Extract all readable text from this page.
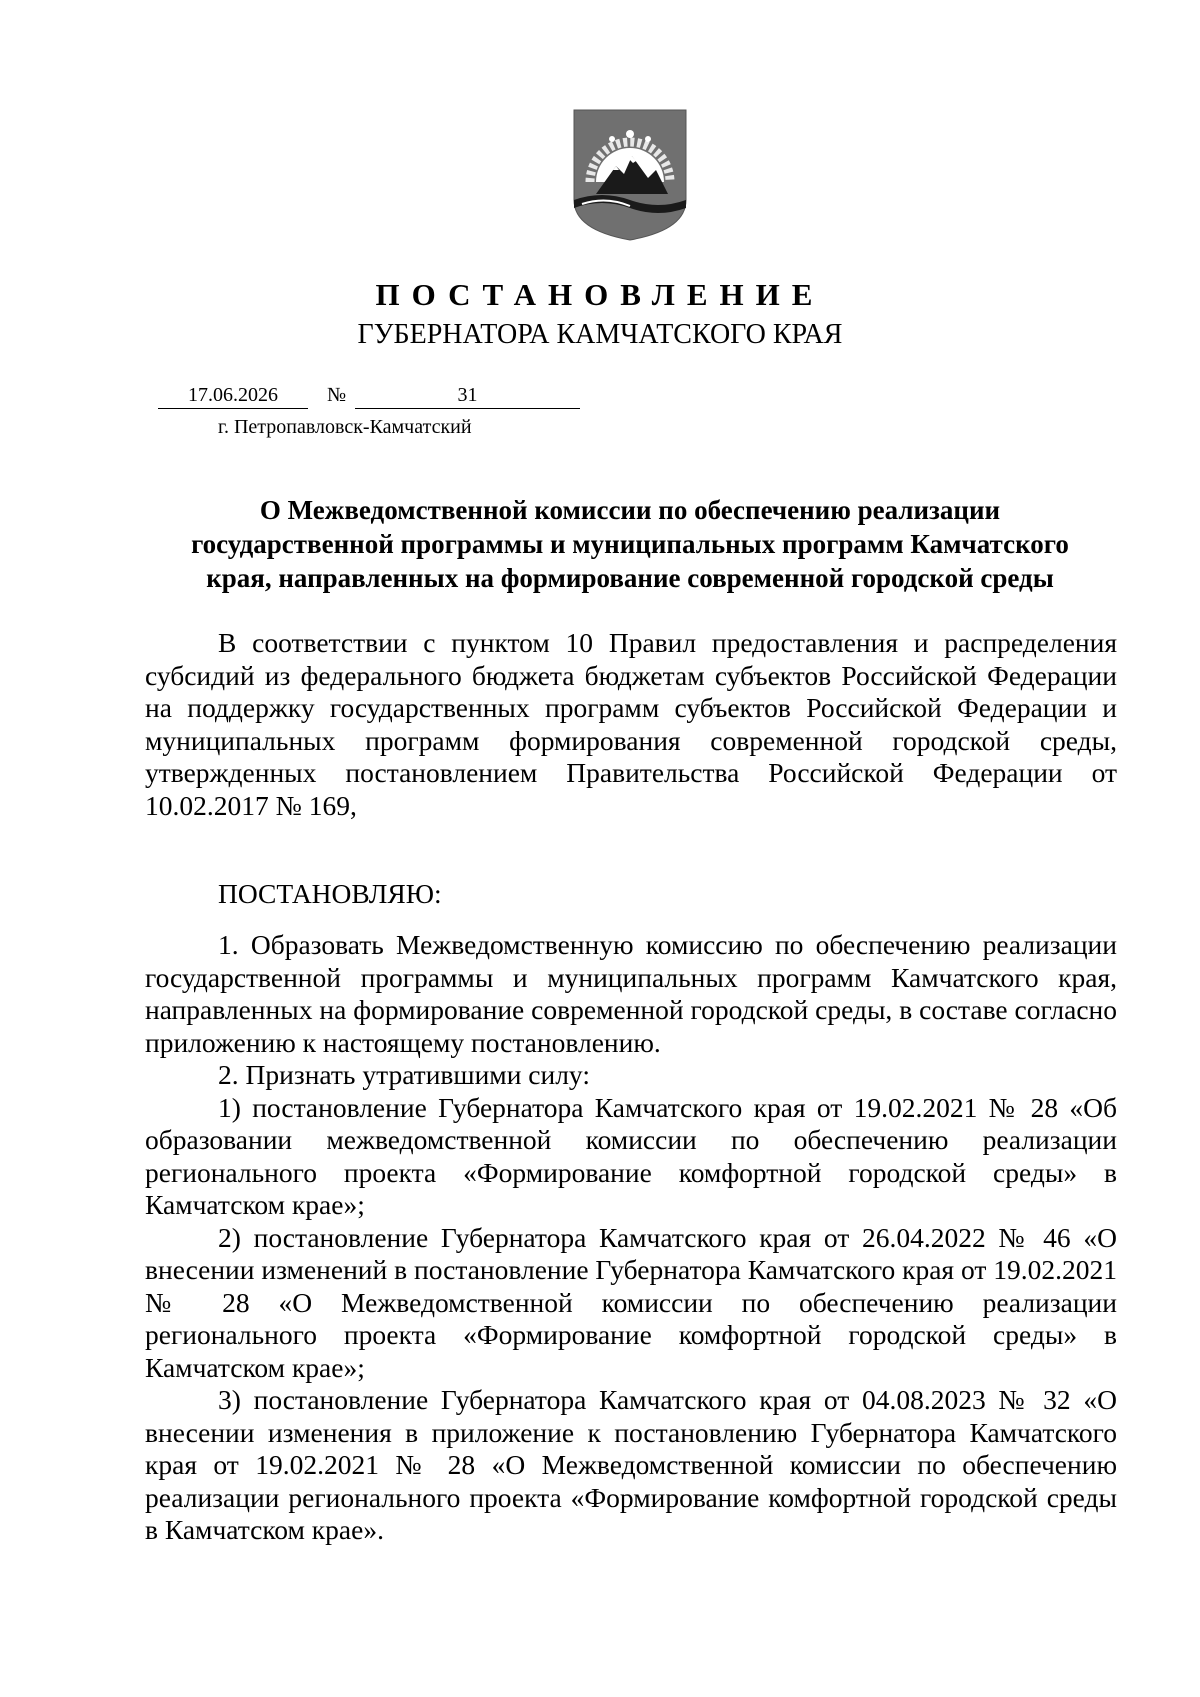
ПОСТАНОВЛЕНИЕ
ГУБЕРНАТОРА КАМЧАТСКОГО КРАЯ
17.06.2026	№	31
г. Петропавловск-Камчатский

О Межведомственной комиссии по обеспечению реализации

государственной программы и муниципальных программ Камчатского

края, направленных на формирование современной городской среды

В соответствии с пунктом 10 Правил предоставления и распределения субсидий из федерального бюджета бюджетам субъектов Российской Федерации на поддержку государственных программ субъектов Российской Федерации и муниципальных программ формирования современной городской среды, утвержденных постановлением Правительства Российской Федерации от 10.02.2017 № 169,

ПОСТАНОВЛЯЮ:

1. Образовать Межведомственную комиссию по обеспечению реализации государственной программы и муниципальных программ Камчатского края, направленных на формирование современной городской среды, в составе согласно приложению к настоящему постановлению.

2. Признать утратившими силу:

1) постановление Губернатора Камчатского края от 19.02.2021 № 28 «Об образовании межведомственной комиссии по обеспечению реализации регионального проекта «Формирование комфортной городской среды» в Камчатском крае»;

2) постановление Губернатора Камчатского края от 26.04.2022 № 46 «О внесении изменений в постановление Губернатора Камчатского края от 19.02.2021 № 28 «О Межведомственной комиссии по обеспечению реализации регионального проекта «Формирование комфортной городской среды» в Камчатском крае»;

3) постановление Губернатора Камчатского края от 04.08.2023 № 32 «О внесении изменения в приложение к постановлению Губернатора Камчатского края от 19.02.2021 № 28 «О Межведомственной комиссии по обеспечению реализации регионального проекта «Формирование комфортной городской среды в Камчатском крае».
